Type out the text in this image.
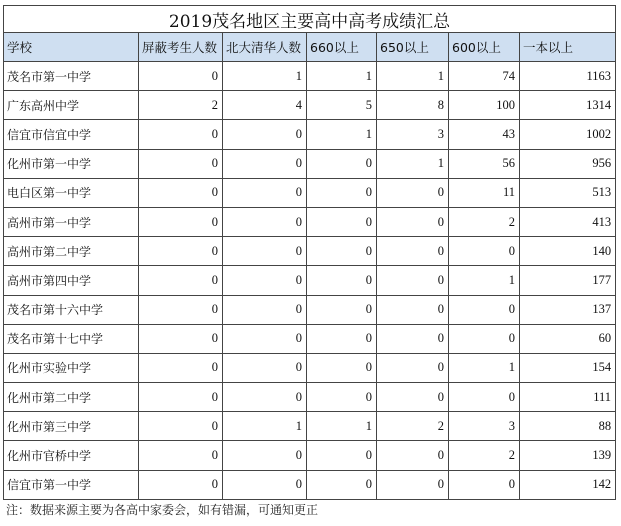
2019茂名地区主要高中高考成绩汇总						
学校	屏蔽考生人数	北大清华人数	660以上	650以上	600以上	一本以上
茂名市第一中学	0	1	1	1	74	1163
广东高州中学	2	4	5	8	100	1314
信宜市信宜中学	0	0	1	3	43	1002
化州市第一中学	0	0	0	1	56	956
电白区第一中学	0	0	0	0	11	513
高州市第一中学	0	0	0	0	2	413
高州市第二中学	0	0	0	0	0	140
高州市第四中学	0	0	0	0	1	177
茂名市第十六中学	0	0	0	0	0	137
茂名市第十七中学	0	0	0	0	0	60
化州市实验中学	0	0	0	0	1	154
化州市第二中学	0	0	0	0	0	111
化州市第三中学	0	1	1	2	3	88
化州市官桥中学	0	0	0	0	2	139
信宜市第一中学	0	0	0	0	0	142
注：数据来源主要为各高中家委会，如有错漏，可通知更正
